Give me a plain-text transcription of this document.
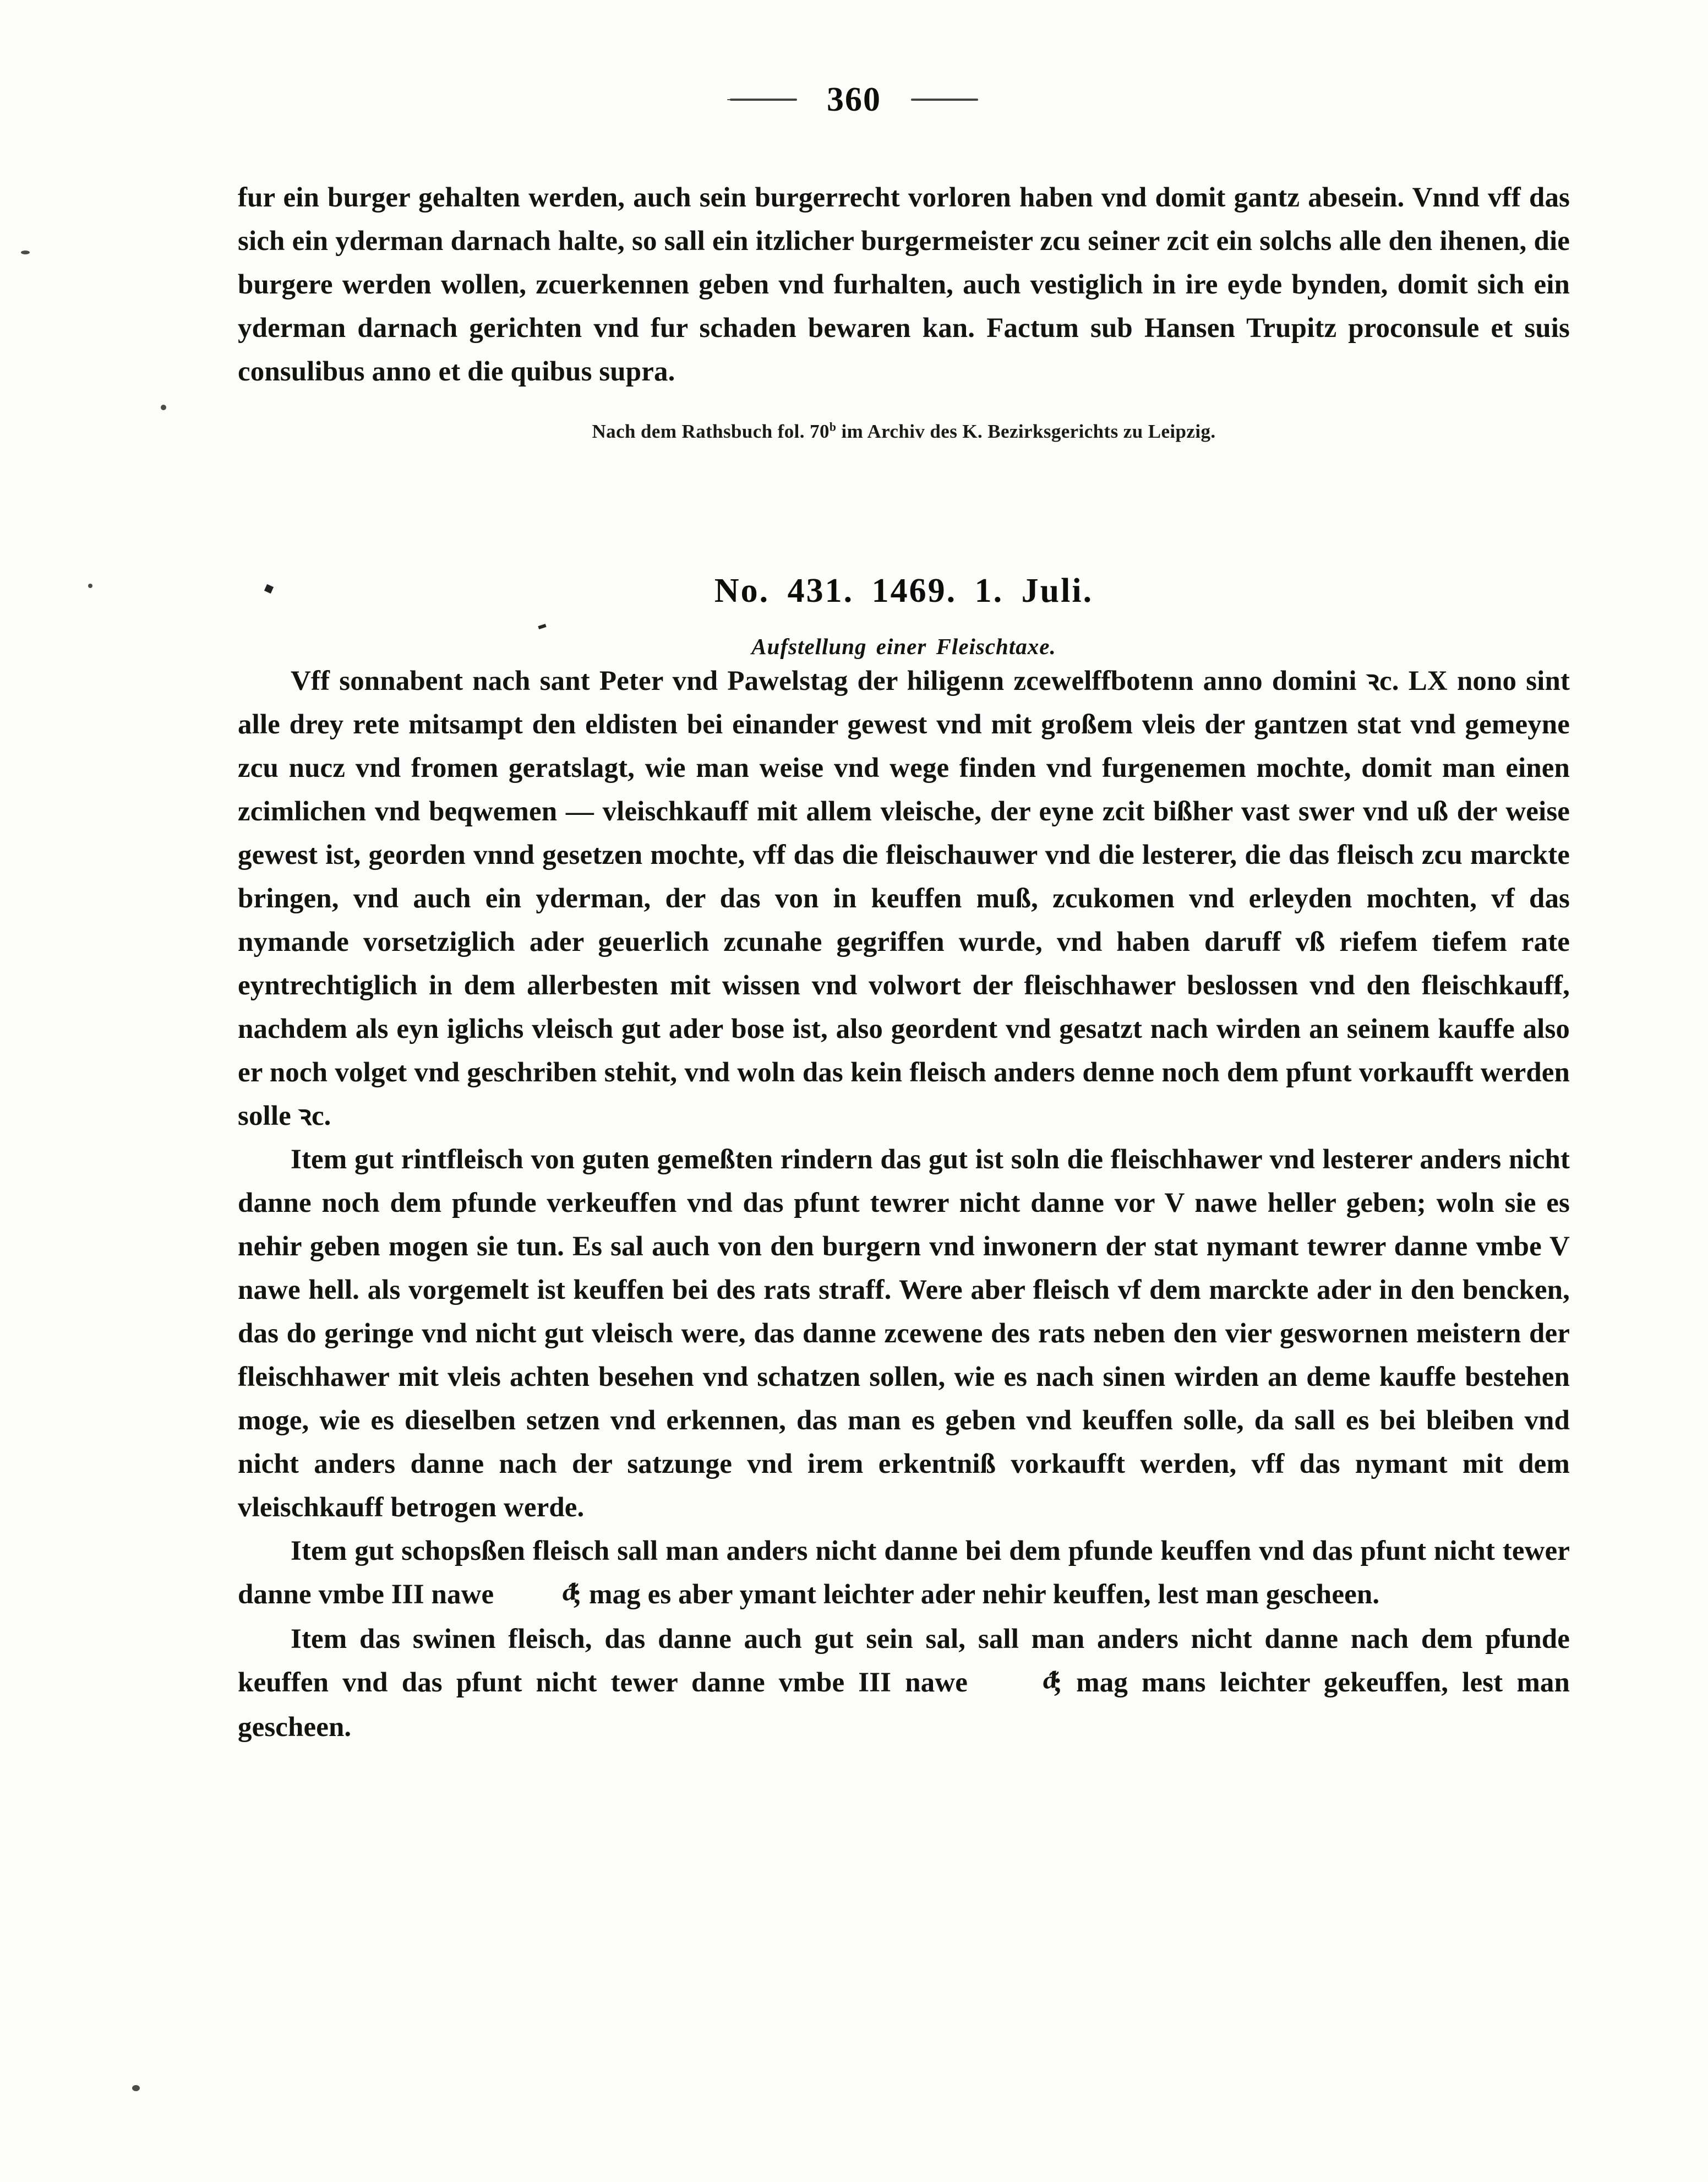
360

fur ein burger gehalten werden, auch sein burgerrecht vorloren haben vnd domit gantz abesein. Vnnd vff das sich ein yderman darnach halte, so sall ein itzlicher burgermeister zcu seiner zcit ein solchs alle den ihenen, die burgere werden wollen, zcuerkennen geben vnd furhalten, auch vestiglich in ire eyde bynden, domit sich ein yderman darnach gerichten vnd fur schaden bewaren kan. Factum sub Hansen Trupitz proconsule et suis consulibus anno et die quibus supra.

Nach dem Rathsbuch fol. 70$^b$ im Archiv des K. Bezirksgerichts zu Leipzig.
No. 431. 1469. 1. Juli.
Aufstellung einer Fleischtaxe.

Vff sonnabent nach sant Peter vnd Pawelstag der hiligenn zcewelffbotenn anno domini ꝛc. LX nono sint alle drey rete mitsampt den eldisten bei einander gewest vnd mit großem vleis der gantzen stat vnd gemeyne zcu nucz vnd fromen geratslagt, wie man weise vnd wege finden vnd furgenemen mochte, domit man einen zcimlichen vnd beqwemen — vleischkauff mit allem vleische, der eyne zcit bißher vast swer vnd uß der weise gewest ist, georden vnnd gesetzen mochte, vff das die fleischauwer vnd die lesterer, die das fleisch zcu marckte bringen, vnd auch ein yderman, der das von in keuffen muß, zcukomen vnd erleyden mochten, vf das nymande vorsetziglich ader geuerlich zcunahe gegriffen wurde, vnd haben daruff vß riefem tiefem rate eyntrechtiglich in dem allerbesten mit wissen vnd volwort der fleischhawer beslossen vnd den fleischkauff, nachdem als eyn iglichs vleisch gut ader bose ist, also geordent vnd gesatzt nach wirden an seinem kauffe also er noch volget vnd geschriben stehit, vnd woln das kein fleisch anders denne noch dem pfunt vorkaufft werden solle ꝛc.

Item gut rintfleisch von guten gemeßten rindern das gut ist soln die fleischhawer vnd lesterer anders nicht danne noch dem pfunde verkeuffen vnd das pfunt tewrer nicht danne vor V nawe heller geben; woln sie es nehir geben mogen sie tun. Es sal auch von den burgern vnd inwonern der stat nymant tewrer danne vmbe V nawe hell. als vorgemelt ist keuffen bei des rats straff. Were aber fleisch vf dem marckte ader in den bencken, das do geringe vnd nicht gut vleisch were, das danne zcewene des rats neben den vier geswornen meistern der fleischhawer mit vleis achten besehen vnd schatzen sollen, wie es nach sinen wirden an deme kauffe bestehen moge, wie es dieselben setzen vnd erkennen, das man es geben vnd keuffen solle, da sall es bei bleiben vnd nicht anders danne nach der satzunge vnd irem erkentniß vorkaufft werden, vff das nymant mit dem vleischkauff betrogen werde.

Item gut schopsßen fleisch sall man anders nicht danne bei dem pfunde keuffen vnd das pfunt nicht tewer danne vmbe III nawe ᵭ; mag es aber ymant leichter ader nehir keuffen, lest man gescheen.

Item das swinen fleisch, das danne auch gut sein sal, sall man anders nicht danne nach dem pfunde keuffen vnd das pfunt nicht tewer danne vmbe III nawe ᵭ; mag mans leichter gekeuffen, lest man gescheen.
